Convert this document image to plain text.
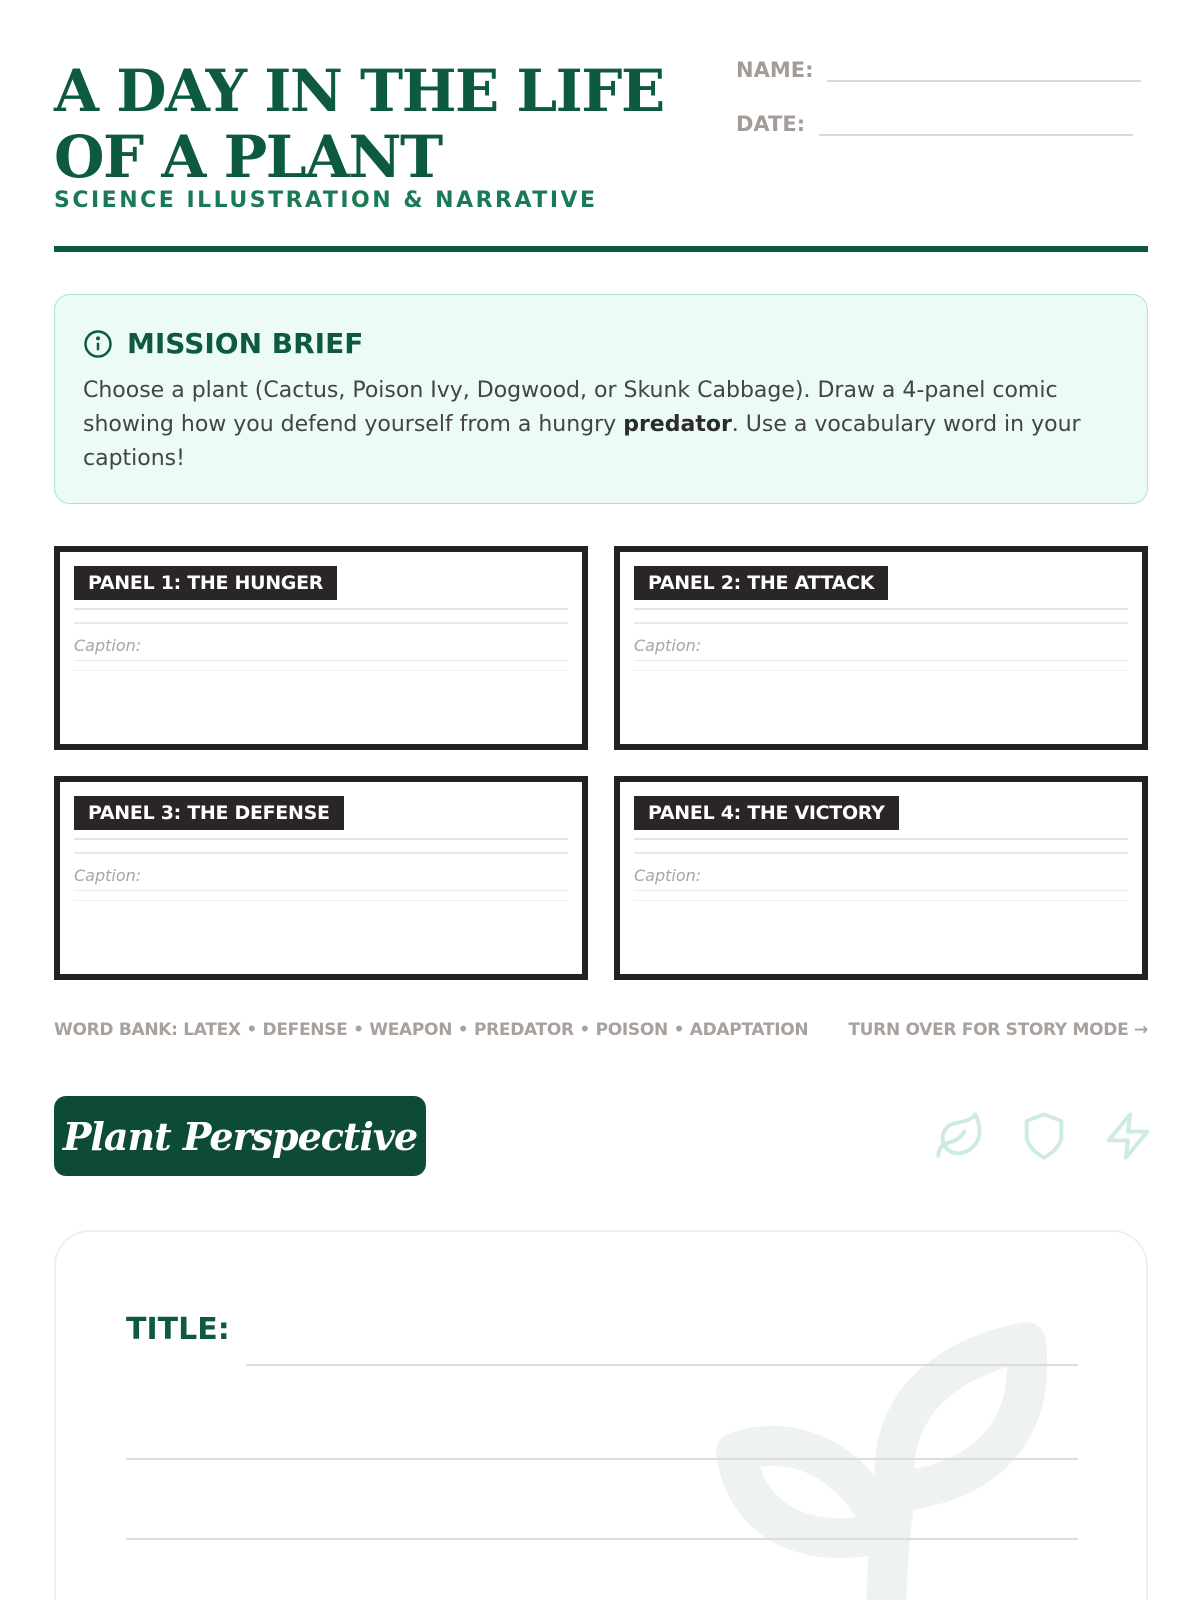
A DAY IN THE LIFE OF A PLANT
SCIENCE ILLUSTRATION & NARRATIVE
NAME:
DATE:
MISSION BRIEF

Choose a plant (Cactus, Poison Ivy, Dogwood, or Skunk Cabbage). Draw a 4-panel comic showing how you defend yourself from a hungry predator. Use a vocabulary word in your captions!

PANEL 1: THE HUNGER
Caption:
PANEL 2: THE ATTACK
Caption:
PANEL 3: THE DEFENSE
Caption:
PANEL 4: THE VICTORY
Caption:
WORD BANK: LATEX • DEFENSE • WEAPON • PREDATOR • POISON • ADAPTATION TURN OVER FOR STORY MODE →
Plant Perspective
TITLE:
